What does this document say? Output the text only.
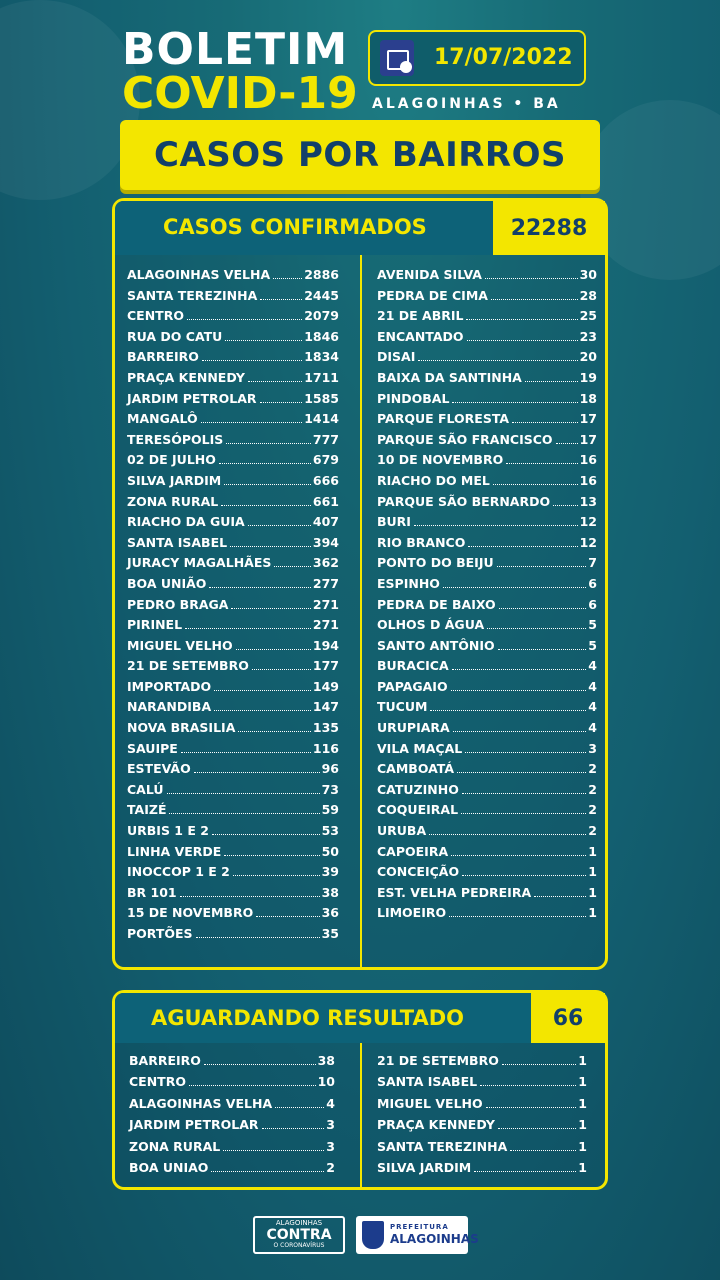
BOLETIM
COVID-19
17/07/2022
ALAGOINHAS • BA
CASOS POR BAIRROS
CASOS CONFIRMADOS	22288
ALAGOINHAS VELHA	2886
SANTA TEREZINHA	2445
CENTRO	2079
RUA DO CATU	1846
BARREIRO	1834
PRAÇA KENNEDY	1711
JARDIM PETROLAR	1585
MANGALÔ	1414
TERESÓPOLIS	777
02 DE JULHO	679
SILVA JARDIM	666
ZONA RURAL	661
RIACHO DA GUIA	407
SANTA ISABEL	394
JURACY MAGALHÃES	362
BOA UNIÃO	277
PEDRO BRAGA	271
PIRINEL	271
MIGUEL VELHO	194
21 DE SETEMBRO	177
IMPORTADO	149
NARANDIBA	147
NOVA BRASILIA	135
SAUIPE	116
ESTEVÃO	96
CALÚ	73
TAIZÉ	59
URBIS 1 E 2	53
LINHA VERDE	50
INOCCOP 1 E 2	39
BR 101	38
15 DE NOVEMBRO	36
PORTÕES	35
AVENIDA SILVA	30
PEDRA DE CIMA	28
21 DE ABRIL	25
ENCANTADO	23
DISAI	20
BAIXA DA SANTINHA	19
PINDOBAL	18
PARQUE FLORESTA	17
PARQUE SÃO FRANCISCO 17
10 DE NOVEMBRO	16
RIACHO DO MEL	16
PARQUE SÃO BERNARDO 13
BURI	12
RIO BRANCO	12
PONTO DO BEIJU	7
ESPINHO	6
PEDRA DE BAIXO	6
OLHOS D ÁGUA	5
SANTO ANTÔNIO	5
BURACICA	4
PAPAGAIO	4
TUCUM	4
URUPIARA	4
VILA MAÇAL	3
CAMBOATÁ	2
CATUZINHO	2
COQUEIRAL	2
URUBA	2
CAPOEIRA	1
CONCEIÇÃO	1
EST. VELHA PEDREIRA	1
LIMOEIRO	1
AGUARDANDO RESULTADO	66
BARREIRO	38
CENTRO	10
ALAGOINHAS VELHA	4
JARDIM PETROLAR	3
ZONA RURAL	3
BOA UNIAO	2
21 DE SETEMBRO	1
SANTA ISABEL	1
MIGUEL VELHO	1
PRAÇA KENNEDY	1
SANTA TEREZINHA	1
SILVA JARDIM	1
ALAGOINHAS
CONTRA
O CORONAVÍRUS
PREFEITURA
ALAGOINHAS
